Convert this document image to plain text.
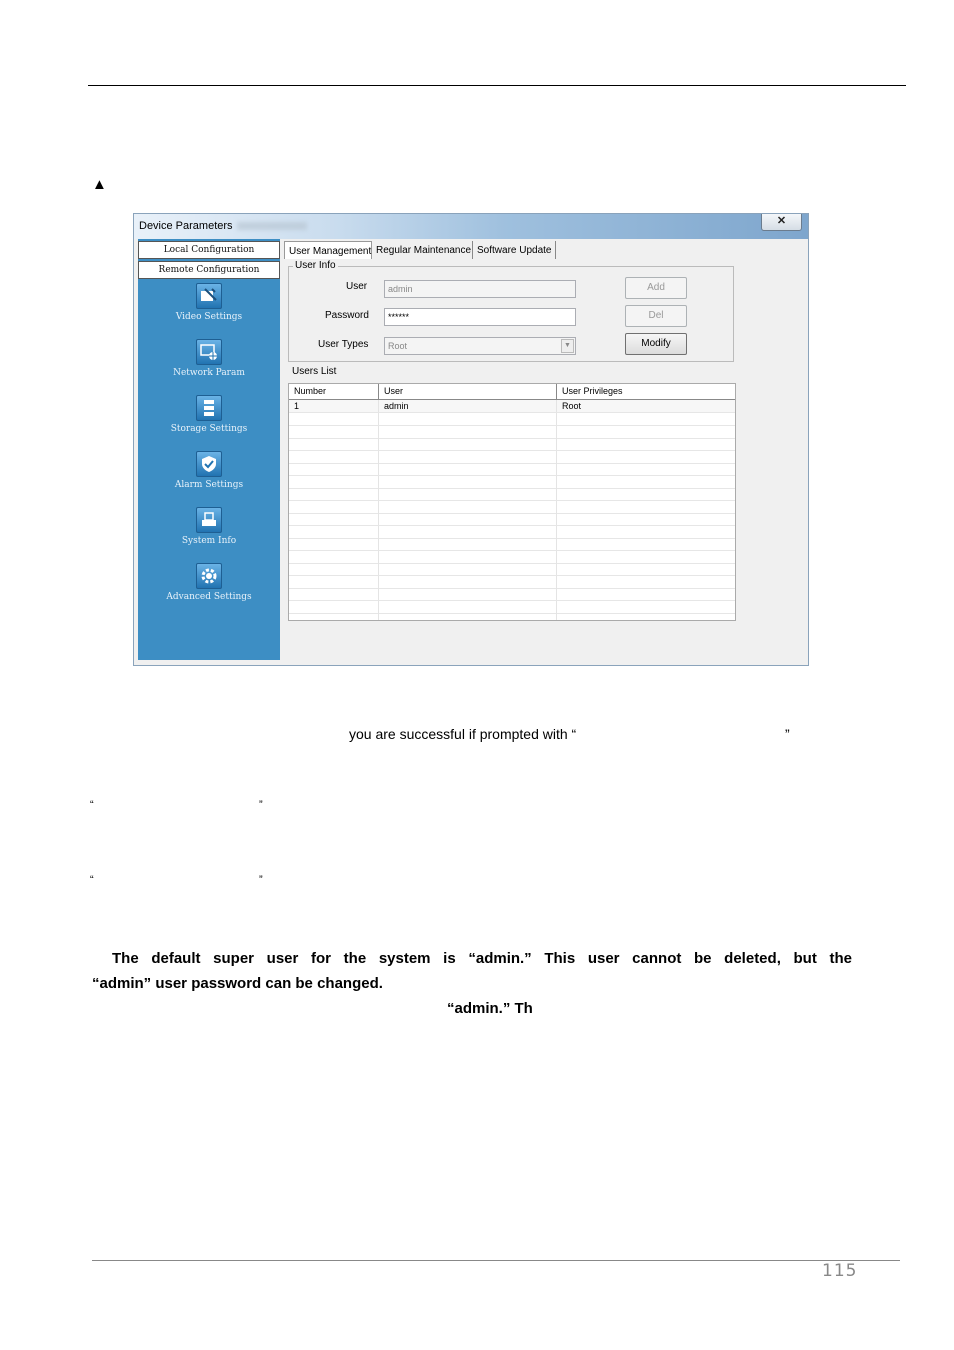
▲
Device Parameters	✕
Local Configuration
Remote Configuration
Video Settings
Network Param
Storage Settings
Alarm Settings
System Info
Advanced Settings
User Management Regular Maintenance Software Update
User Info
User	admin
Password	******
User Types	Root	▼
Add
Del
Modify
Users List
Number	User	User Privileges
1	admin	Root
you are successful if prompted with “	”
“	”
“	”
The default super user for the system is “admin.” This user cannot be deleted, but the
“admin” user password can be changed.
“admin.” Th
115
